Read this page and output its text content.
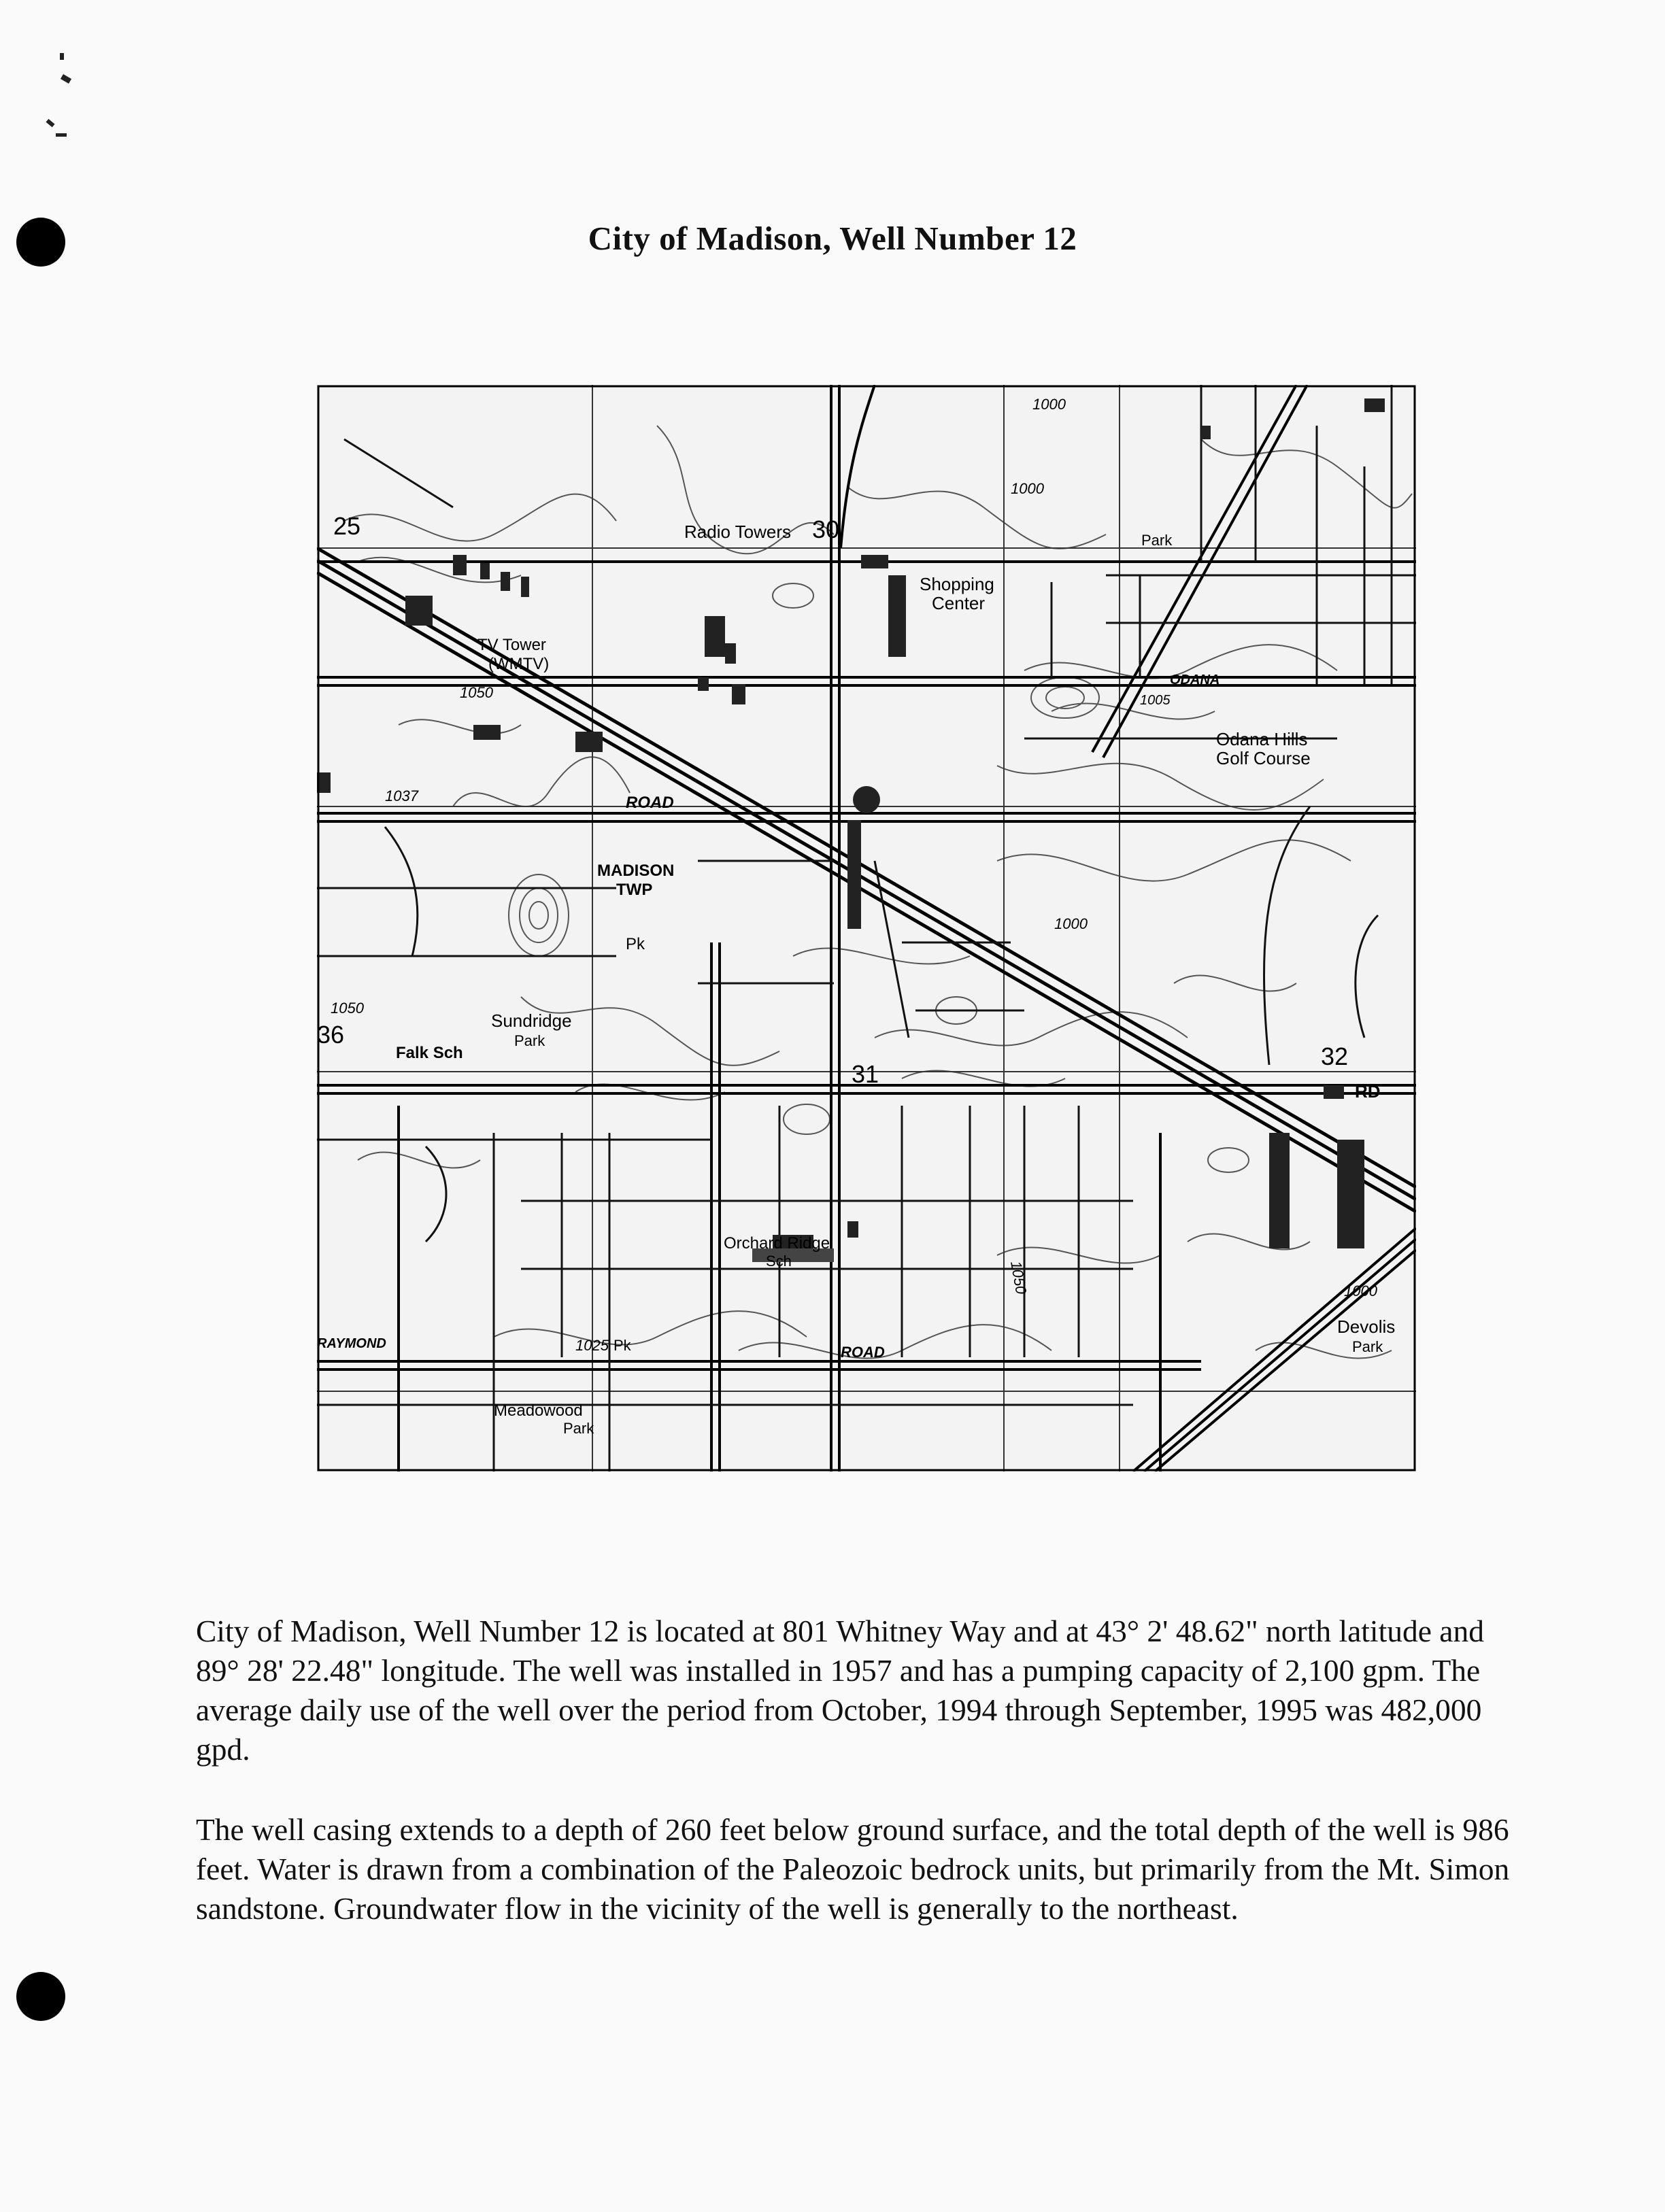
City of Madison, Well Number 12
Radio Towers 30
25
31
32
36
Shopping
Center
TV Tower
(WMTV)
1050
1037	ROAD
ROAD
ODANA
1005
Odana Hills
Golf Course
1000
1000
1000
1000
MADISON
TWP
Pk
1050
Sundridge
Park
Falk Sch
Orchard Ridge
Sch
1025 Pk
RAYMOND
Meadowood
Park
Devolis
Park
1050
RD
Park

City of Madison, Well Number 12 is located at 801 Whitney Way and at 43° 2' 48.62" north latitude and 89° 28' 22.48" longitude. The well was installed in 1957 and has a pumping capacity of 2,100 gpm. The average daily use of the well over the period from October, 1994 through September, 1995 was 482,000 gpd.

The well casing extends to a depth of 260 feet below ground surface, and the total depth of the well is 986 feet. Water is drawn from a combination of the Paleozoic bedrock units, but primarily from the Mt. Simon sandstone. Groundwater flow in the vicinity of the well is generally to the northeast.
